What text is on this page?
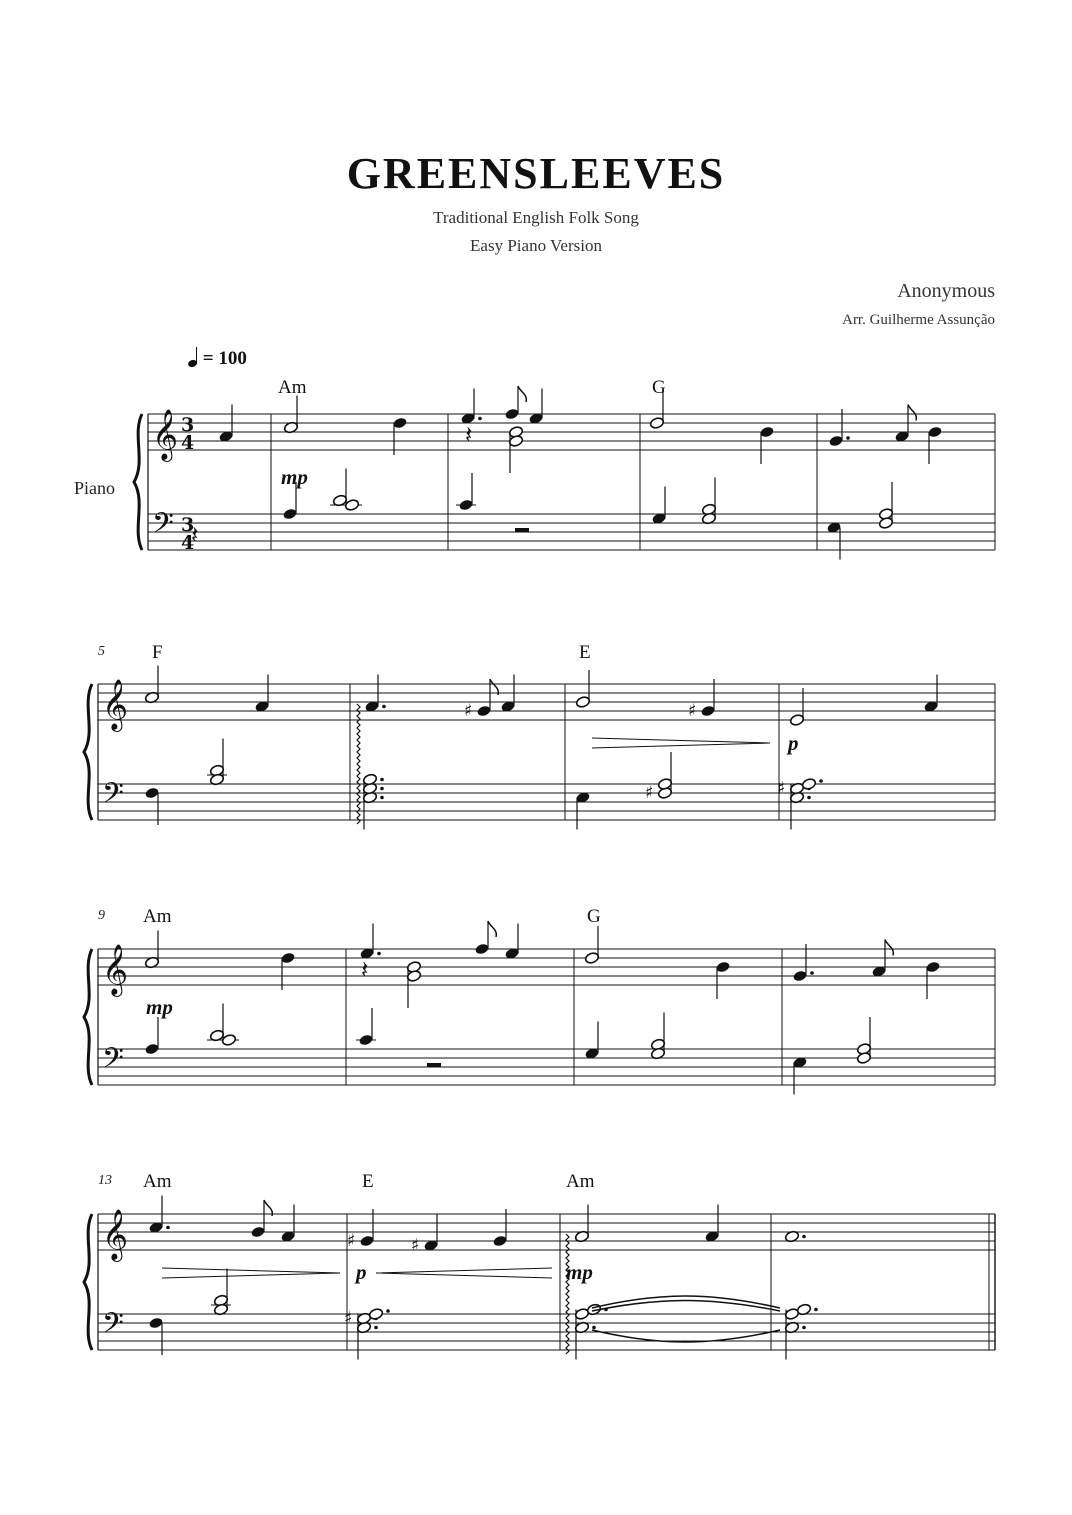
GREENSLEEVES
Traditional English Folk Song
Easy Piano Version
Anonymous
Arr. Guilherme Assunção
= 100
Piano
5
9
13
Am	G
F	E
Am	G
Am	E	Am
mp
p
mp
p	mp
𝄞
𝄢
3
4
3
4
𝄞
𝄢
𝄞
𝄢
𝄞
𝄢
𝄽
𝄽
♯	♯
♯	♯
𝄽
♯	♯
♯
